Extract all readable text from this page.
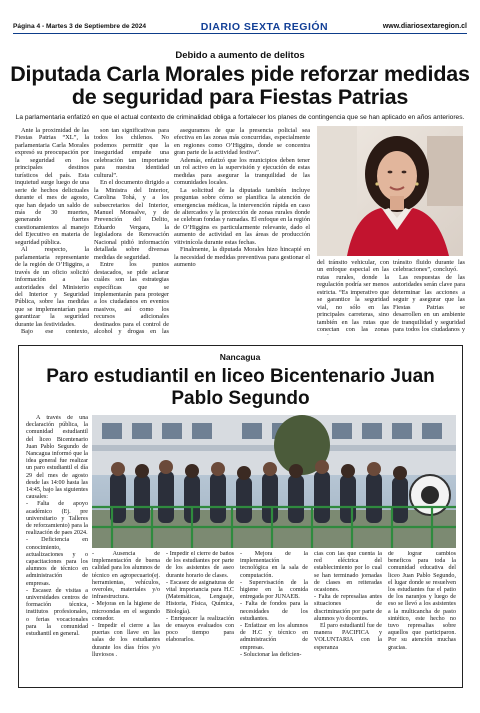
Página 4 - Martes 3 de Septiembre de 2024	DIARIO SEXTA REGIÓN	www.diariosextaregion.cl
Debido a aumento de delitos
Diputada Carla Morales pide reforzar medidas de seguridad para Fiestas Patrias
La parlamentaria enfatizó en que el actual contexto de criminalidad obliga a fortalecer los planes de contingencia que se han aplicado en años anteriores.

Ante la proximidad de las Fiestas Patrias “XL”, la parlamentaria Carla Morales expresó su preocupación por la seguridad en los principales destinos turísticos del país. Esta inquietud surge luego de una serie de hechos delictuales durante el mes de agosto, que han dejado un saldo de más de 30 muertes, generando fuertes cuestionamientos al manejo del Ejecutivo en materia de seguridad pública.

Al respecto, la parlamentaria representante de la región de O’Higgins, a través de un oficio solicitó información a las autoridades del Ministerio del Interior y Seguridad Pública, sobre las medidas que se implementarían para garantizar la seguridad durante las festividades.

Bajo ese contexto,

son tan significativas para todos los chilenos. No podemos permitir que la inseguridad empañe una celebración tan importante para nuestra identidad cultural”.

En el documento dirigido a la Ministra del Interior, Carolina Tohá, y a los subsecretarios del Interior, Manuel Monsalve, y de Prevención del Delito, Eduardo Vergara, la legisladora de Renovación Nacional pidió información detallada sobre diversas medidas de seguridad.

Entre los puntos destacados, se pide aclarar cuáles son las estrategias específicas que se implementarán para proteger a los ciudadanos en eventos masivos, así como los recursos adicionales destinados para el control de alcohol y drogas en las

aseguramos de que la presencia policial sea efectiva en las zonas más concurridas, especialmente en regiones como O’Higgins, donde se concentra gran parte de la actividad festiva”.

Además, enfatizó que los municipios deben tener un rol activo en la supervisión y ejecución de estas medidas para asegurar la tranquilidad de las comunidades locales.

La solicitud de la diputada también incluye preguntas sobre cómo se planifica la atención de emergencias médicas, la intervención rápida en caso de altercados y la protección de zonas rurales donde se celebran fondas y ramadas. El enfoque en la región de O’Higgins es particularmente relevante, dado el aumento de actividad en las áreas de producción vitivinícola durante estas fechas.

Finalmente, la diputada Morales hizo hincapié en la necesidad de medidas preventivas para gestionar el aumento	del tránsito vehicular, con un enfoque especial en las rutas rurales, donde la regulación podría ser menos estricta. “Es imperativo que se garantice la seguridad vial, no sólo en las principales carreteras, sino también en las rutas que conectan con las zonas

tránsito fluido durante las celebraciones”, concluyó.

Las respuestas de las autoridades serán clave para determinar las acciones a seguir y asegurar que las Fiestas Patrias se desarrollen en un ambiente de tranquilidad y seguridad para todos los ciudadanos y

Nancagua
Paro estudiantil en liceo Bicentenario Juan Pablo Segundo

A través de una declaración pública, la comunidad estudiantil del liceo Bicentenario Juan Pablo Segundo de Nancagua informó que la idea general fue realizar un paro estudiantil el día 29 del mes de agosto desde las 14:00 hasta las 14:45, bajo las siguientes causales:

- Falta de apoyo académico (Ej. pre universitario y Talleres de reforzamiento) para la realización de paes 2024.

- Deficiencia en conocimiento, actualizaciones y o capacitaciones para los alumnos de técnico en administración de empresas.

- Escasez de visitas a universidades centros de formación técnica, institutos profesionales, o ferias vocacionales para la comunidad estudiantil en general.

- Ausencia de implementación de buena calidad para los alumnos de técnico en agropecuario(ej. herramientas, vehículos, overoles, materiales y/o infraestructura.

- Mejoras en la higiene de microondas en el segundo comedor.

- Impedir el cierre a las puertas con llave en las salas de los estudiantes durante los días fríos y/o lluviosos .

- Impedir el cierre de baños de los estudiantes por parte de los asistentes de aseo durante horario de clases.

- Escasez de asignaturas de vital importancia para H.C (Matemáticas, Lenguaje, Historia, Física, Química, Biología).

- Enriquecer la realización de ensayos evaluados con poco tiempo para elaborarlos.

- Mejora de la implementación tecnológica en la sala de computación.

- Supervisación de la higiene en la comida entregada por JUNAEB.

- Falta de fondos para la necesidades de los estudiantes.

- Enfatizar en los alumnos de H.C y técnico en administración de empresas.

- Solucionar las deficien-

cias con las que cuenta la red eléctrica del establecimiento por lo cual se han terminado jornadas de clases en reiteradas ocasiones.

- Falta de represalias antes situaciones de discriminación por parte de alumnos y/o docentes.

El paro estudiantil fue de manera PACIFICA y VOLUNTARIA con la esperanza

de lograr cambios beneficos para toda la comunidad educativa del liceo Juan Pablo Segundo, el lugar donde se resuelven los estudiantes fue el patio de los naranjos y luego de eso se llevó a los asistentes a la multicancha de pasto sintético, este hecho no tuvo represalias sobre aquellos que participaron. Por su atención muchas gracias.
